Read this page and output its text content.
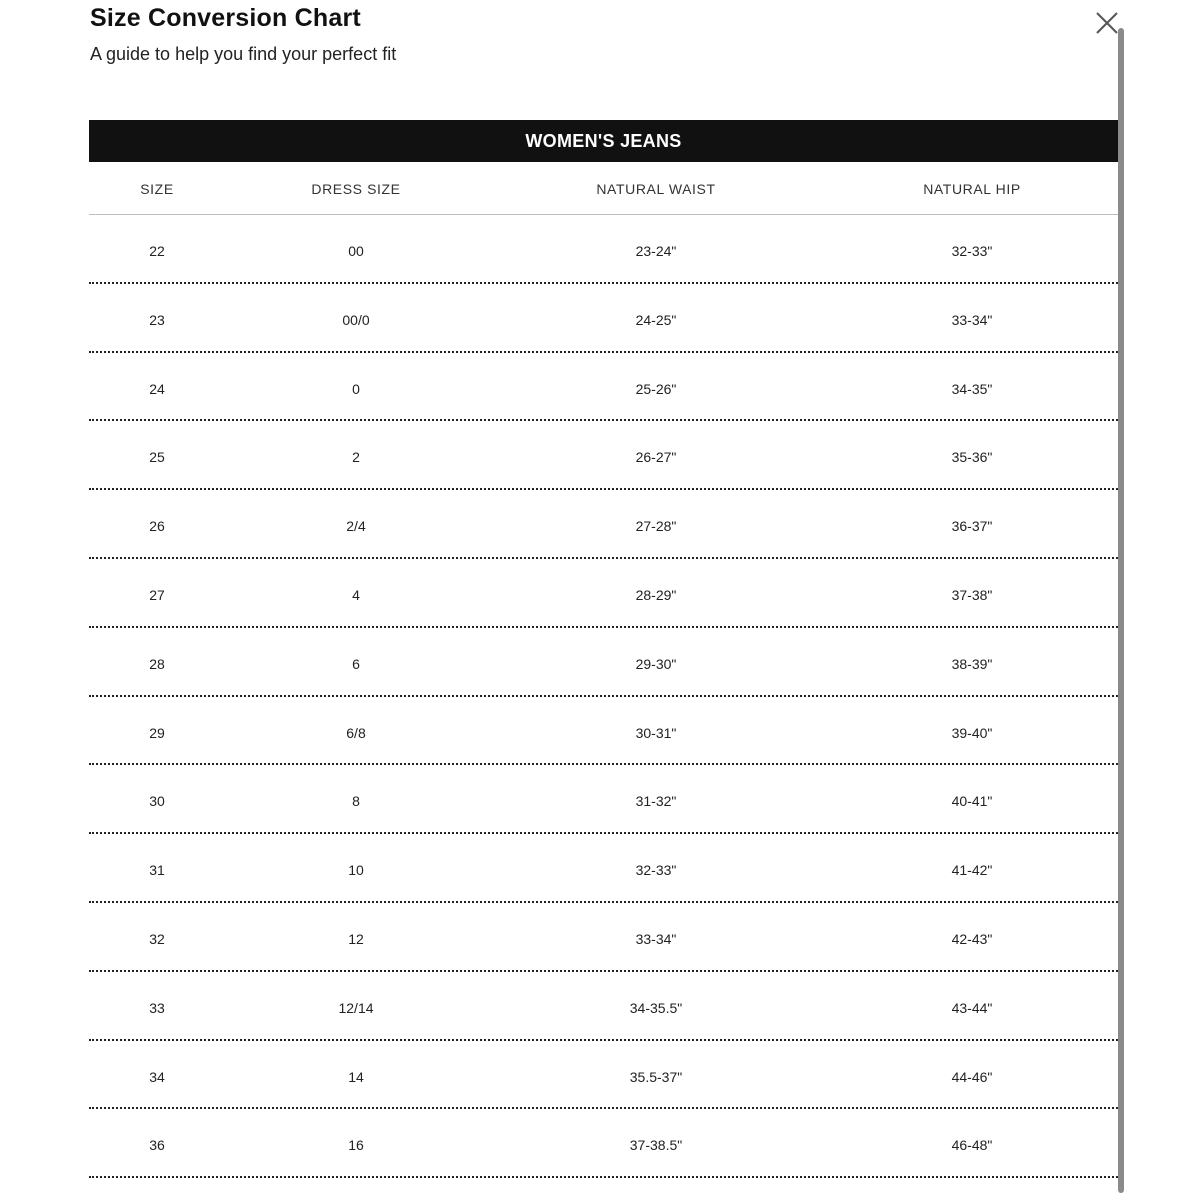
Size Conversion Chart
A guide to help you find your perfect fit
WOMEN'S JEANS
SIZE	DRESS SIZE	NATURAL WAIST	NATURAL HIP
22	00	23-24"	32-33"
23	00/0	24-25"	33-34"
24	0	25-26"	34-35"
25	2	26-27"	35-36"
26	2/4	27-28"	36-37"
27	4	28-29"	37-38"
28	6	29-30"	38-39"
29	6/8	30-31"	39-40"
30	8	31-32"	40-41"
31	10	32-33"	41-42"
32	12	33-34"	42-43"
33	12/14	34-35.5"	43-44"
34	14	35.5-37"	44-46"
36	16	37-38.5"	46-48"
